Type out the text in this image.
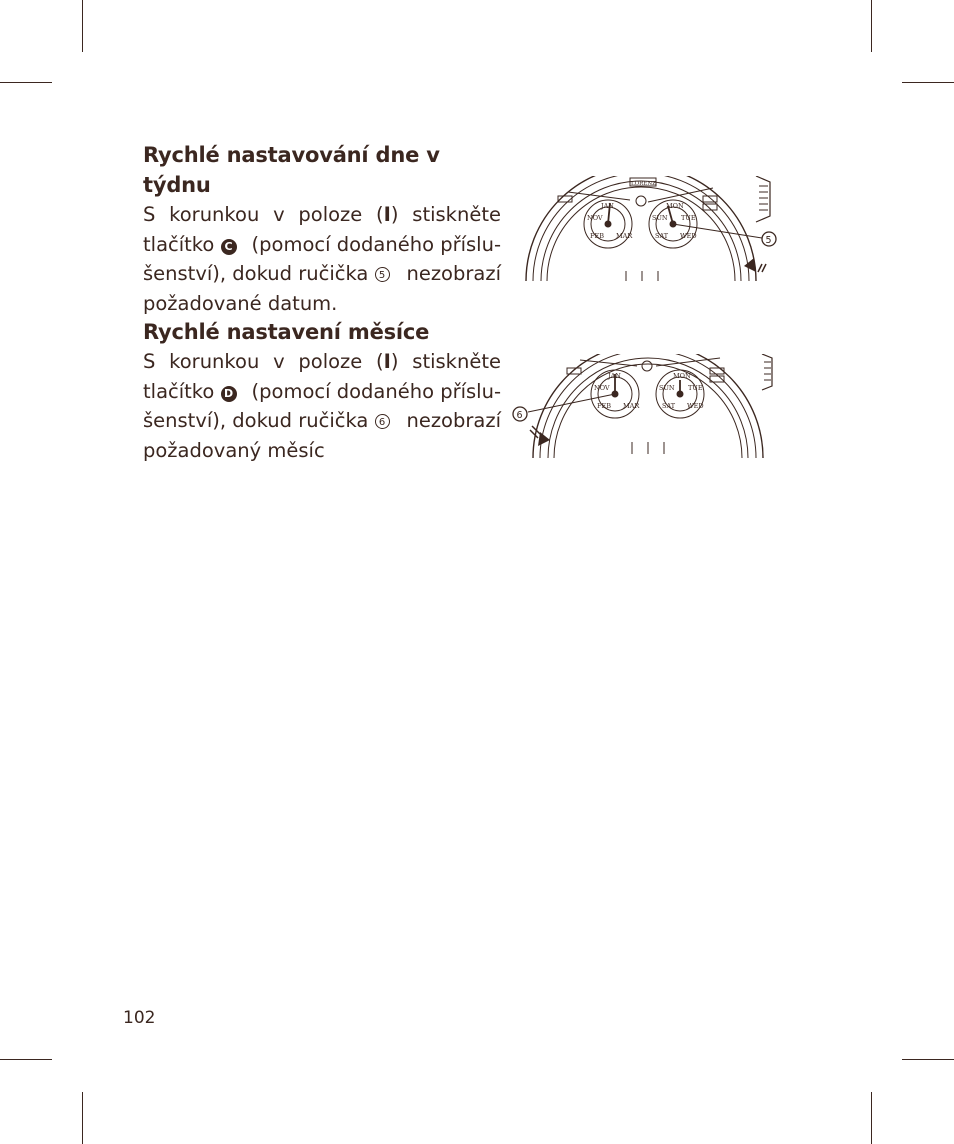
Rychlé nastavování dne v týdnu
S korunkou v poloze (I) stiskněte
tlačítko C (pomocí dodaného příslu-
šenství), dokud ručička 5 nezobrazí
požadované datum.
LORENZ
JAN	MON
NOV
FEB MAR
SUN TUE
SAT WED	5
Rychlé nastavení měsíce
S korunkou v poloze (I) stiskněte
tlačítko D (pomocí dodaného příslu-
šenství), dokud ručička 6 nezobrazí
požadovaný měsíc
JAN	MON
NOV
FEB MAR
SUN TUE
SAT WED
6
102
